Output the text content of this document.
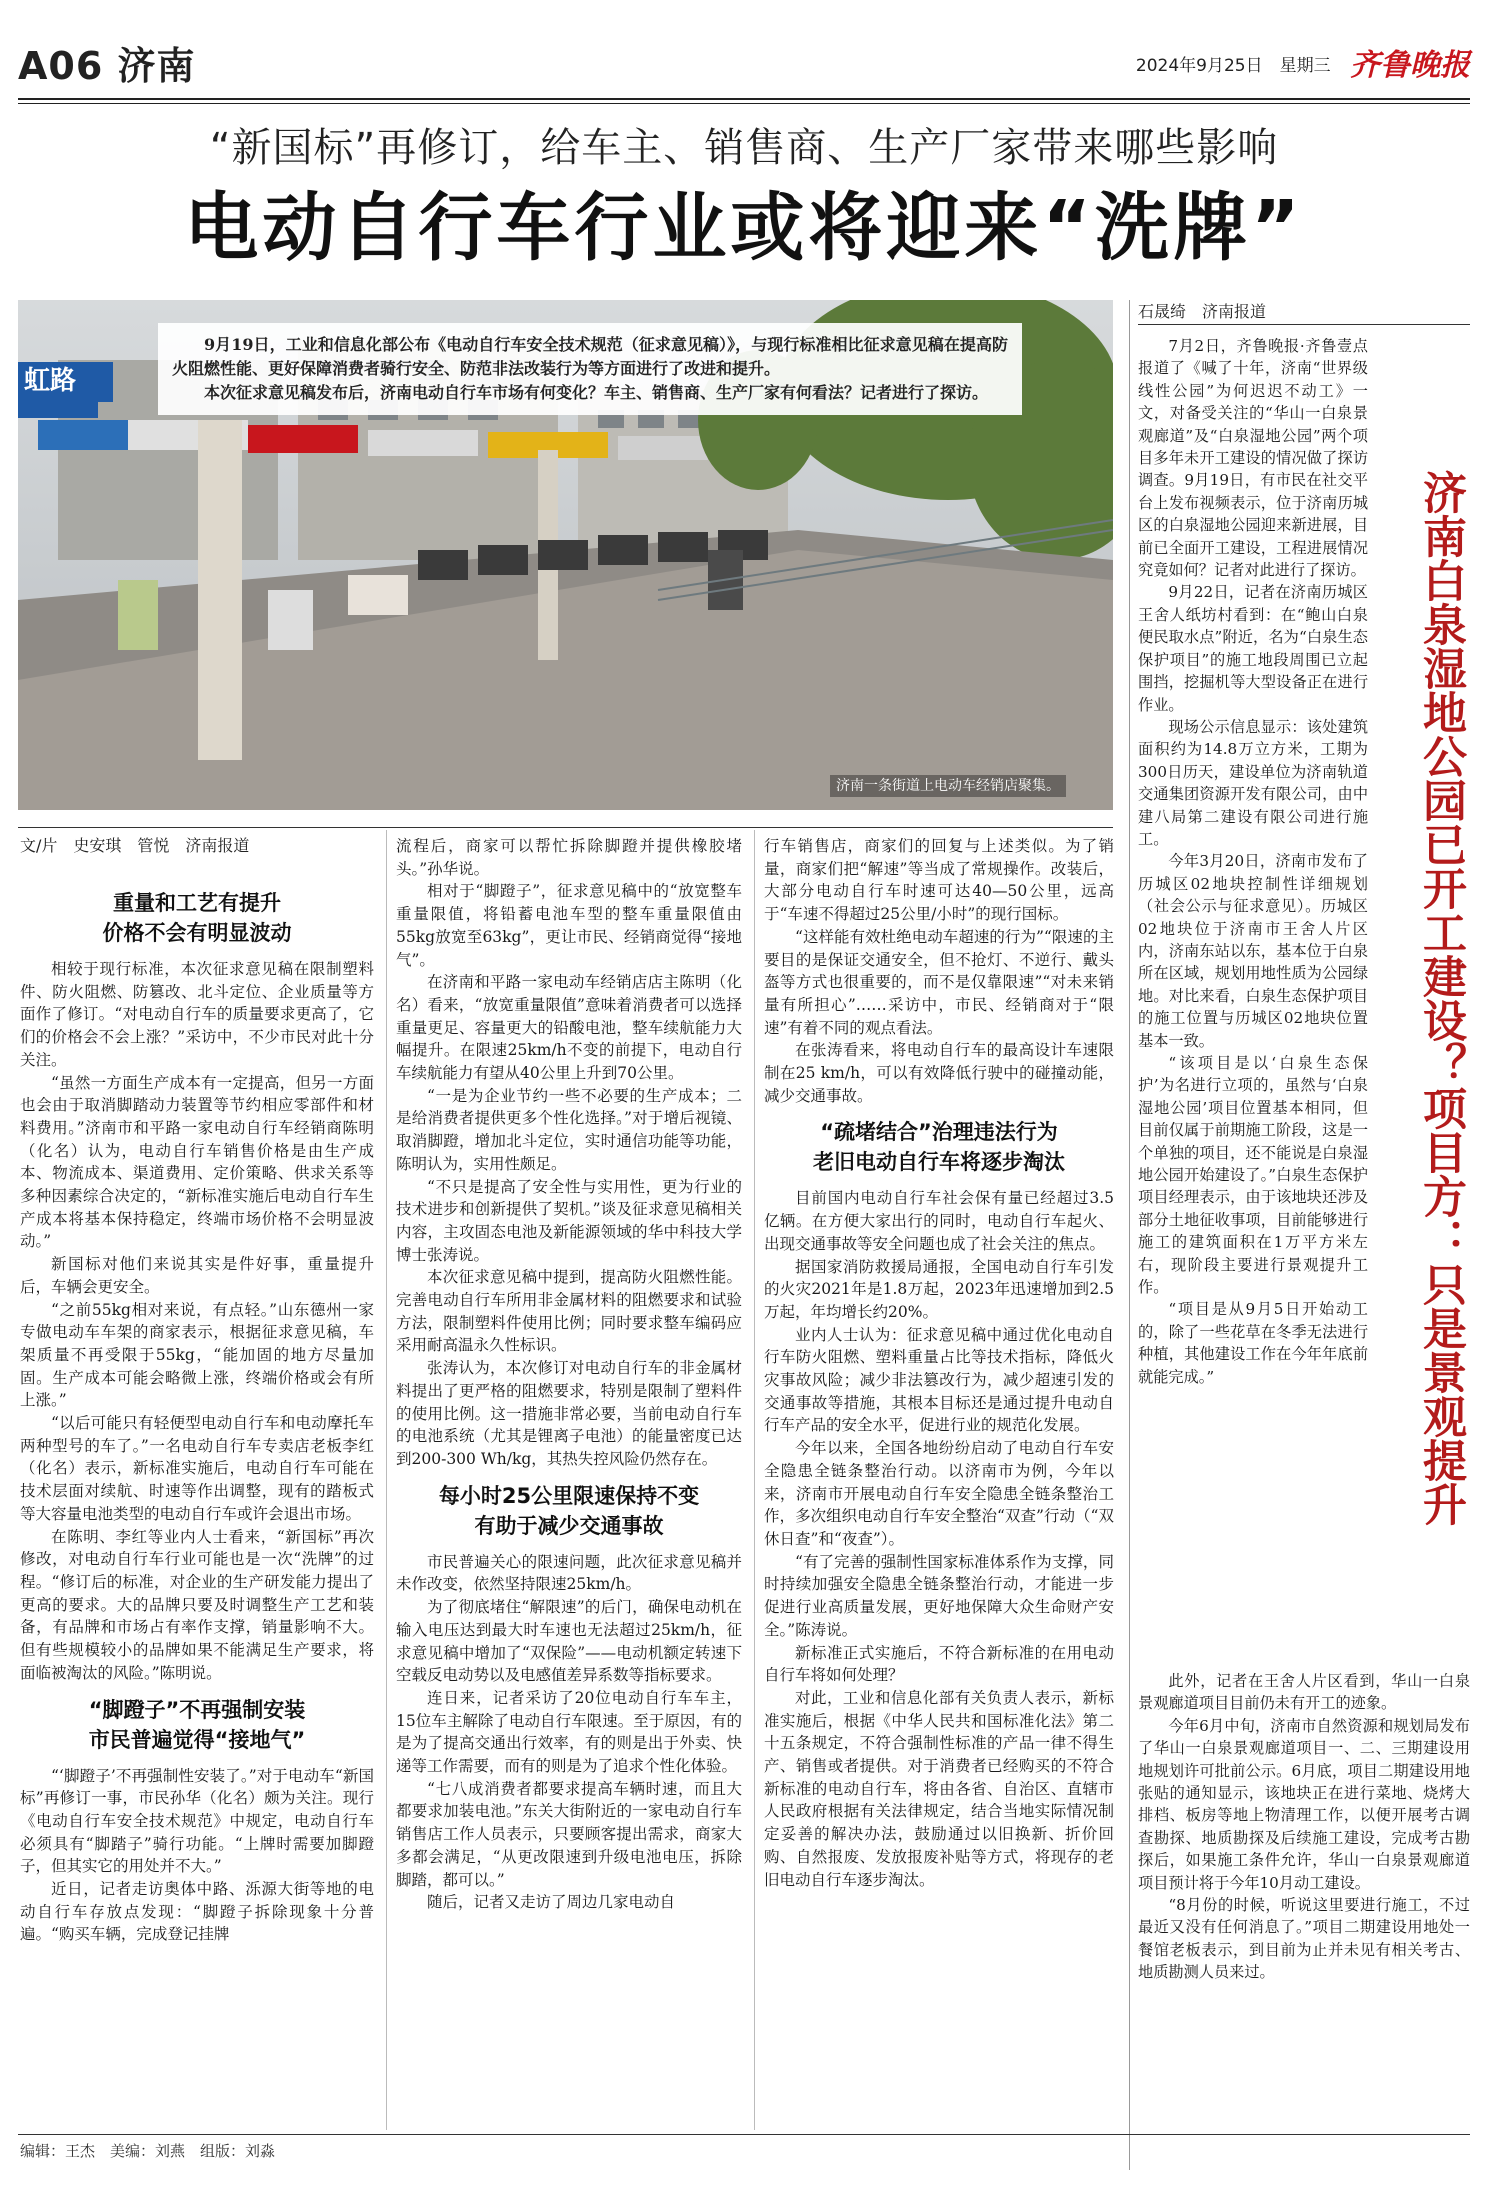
A06 济南	2024年9月25日　 星期三 齐鲁晚报
“新国标”再修订，给车主、销售商、生产厂家带来哪些影响
电动自行车行业或将迎来“洗牌”
虹路

9月19日，工业和信息化部公布《电动自行车安全技术规范（征求意见稿）》，与现行标准相比征求意见稿在提高防火阻燃性能、更好保障消费者骑行安全、防范非法改装行为等方面进行了改进和提升。

本次征求意见稿发布后，济南电动自行车市场有何变化？车主、销售商、生产厂家有何看法？记者进行了探访。

济南一条街道上电动车经销店聚集。
文/片　史安琪　管悦　济南报道
重量和工艺有提升
价格不会有明显波动

相较于现行标准，本次征求意见稿在限制塑料件、防火阻燃、防篡改、北斗定位、企业质量等方面作了修订。“对电动自行车的质量要求更高了，它们的价格会不会上涨？”采访中，不少市民对此十分关注。

“虽然一方面生产成本有一定提高，但另一方面也会由于取消脚踏动力装置等节约相应零部件和材料费用。”济南市和平路一家电动自行车经销商陈明（化名）认为，电动自行车销售价格是由生产成本、物流成本、渠道费用、定价策略、供求关系等多种因素综合决定的，“新标准实施后电动自行车生产成本将基本保持稳定，终端市场价格不会明显波动。”

新国标对他们来说其实是件好事，重量提升后，车辆会更安全。

“之前55kg相对来说，有点轻。”山东德州一家专做电动车车架的商家表示，根据征求意见稿，车架质量不再受限于55kg，“能加固的地方尽量加固。生产成本可能会略微上涨，终端价格或会有所上涨。”

“以后可能只有轻便型电动自行车和电动摩托车两种型号的车了。”一名电动自行车专卖店老板李红（化名）表示，新标准实施后，电动自行车可能在技术层面对续航、时速等作出调整，现有的踏板式等大容量电池类型的电动自行车或许会退出市场。

在陈明、李红等业内人士看来，“新国标”再次修改，对电动自行车行业可能也是一次“洗牌”的过程。“修订后的标准，对企业的生产研发能力提出了更高的要求。大的品牌只要及时调整生产工艺和装备，有品牌和市场占有率作支撑，销量影响不大。但有些规模较小的品牌如果不能满足生产要求，将面临被淘汰的风险。”陈明说。

“脚蹬子”不再强制安装
市民普遍觉得“接地气”

“‘脚蹬子’不再强制性安装了。”对于电动车“新国标”再修订一事，市民孙华（化名）颇为关注。现行《电动自行车安全技术规范》中规定，电动自行车必须具有“脚踏子”骑行功能。“上牌时需要加脚蹬子，但其实它的用处并不大。”

近日，记者走访奥体中路、泺源大街等地的电动自行车存放点发现：“脚蹬子拆除现象十分普遍。“购买车辆，完成登记挂牌

流程后，商家可以帮忙拆除脚蹬并提供橡胶堵头。”孙华说。

相对于“脚蹬子”，征求意见稿中的“放宽整车重量限值，将铅蓄电池车型的整车重量限值由55kg放宽至63kg”，更让市民、经销商觉得“接地气”。

在济南和平路一家电动车经销店店主陈明（化名）看来，“放宽重量限值”意味着消费者可以选择重量更足、容量更大的铅酸电池，整车续航能力大幅提升。在限速25km/h不变的前提下，电动自行车续航能力有望从40公里上升到70公里。

“一是为企业节约一些不必要的生产成本；二是给消费者提供更多个性化选择。”对于增后视镜、取消脚蹬，增加北斗定位，实时通信功能等功能，陈明认为，实用性颇足。

“不只是提高了安全性与实用性，更为行业的技术进步和创新提供了契机。”谈及征求意见稿相关内容，主攻固态电池及新能源领域的华中科技大学博士张涛说。

本次征求意见稿中提到，提高防火阻燃性能。完善电动自行车所用非金属材料的阻燃要求和试验方法，限制塑料件使用比例；同时要求整车编码应采用耐高温永久性标识。

张涛认为，本次修订对电动自行车的非金属材料提出了更严格的阻燃要求，特别是限制了塑料件的使用比例。这一措施非常必要，当前电动自行车的电池系统（尤其是锂离子电池）的能量密度已达到200-300 Wh/kg，其热失控风险仍然存在。

每小时25公里限速保持不变
有助于减少交通事故

市民普遍关心的限速问题，此次征求意见稿并未作改变，依然坚持限速25km/h。

为了彻底堵住“解限速”的后门，确保电动机在输入电压达到最大时车速也无法超过25km/h，征求意见稿中增加了“双保险”——电动机额定转速下空载反电动势以及电感值差异系数等指标要求。

连日来，记者采访了20位电动自行车车主，15位车主解除了电动自行车限速。至于原因，有的是为了提高交通出行效率，有的则是出于外卖、快递等工作需要，而有的则是为了追求个性化体验。

“七八成消费者都要求提高车辆时速，而且大都要求加装电池。”东关大街附近的一家电动自行车销售店工作人员表示，只要顾客提出需求，商家大多都会满足，“从更改限速到升级电池电压，拆除脚踏，都可以。”

随后，记者又走访了周边几家电动自

行车销售店，商家们的回复与上述类似。为了销量，商家们把“解速”等当成了常规操作。改装后，大部分电动自行车时速可达40—50公里，远高于“车速不得超过25公里/小时”的现行国标。

“这样能有效杜绝电动车超速的行为”“限速的主要目的是保证交通安全，但不抢灯、不逆行、戴头盔等方式也很重要的，而不是仅靠限速”“对未来销量有所担心”……采访中，市民、经销商对于“限速”有着不同的观点看法。

在张涛看来，将电动自行车的最高设计车速限制在25 km/h，可以有效降低行驶中的碰撞动能，减少交通事故。

“疏堵结合”治理违法行为
老旧电动自行车将逐步淘汰

目前国内电动自行车社会保有量已经超过3.5亿辆。在方便大家出行的同时，电动自行车起火、出现交通事故等安全问题也成了社会关注的焦点。

据国家消防救援局通报，全国电动自行车引发的火灾2021年是1.8万起，2023年迅速增加到2.5万起，年均增长约20%。

业内人士认为：征求意见稿中通过优化电动自行车防火阻燃、塑料重量占比等技术指标，降低火灾事故风险；减少非法篡改行为，减少超速引发的交通事故等措施，其根本目标还是通过提升电动自行车产品的安全水平，促进行业的规范化发展。

今年以来，全国各地纷纷启动了电动自行车安全隐患全链条整治行动。以济南市为例，今年以来，济南市开展电动自行车安全隐患全链条整治工作，多次组织电动自行车安全整治“双查”行动（“双休日查”和“夜查”）。

“有了完善的强制性国家标准体系作为支撑，同时持续加强安全隐患全链条整治行动，才能进一步促进行业高质量发展，更好地保障大众生命财产安全。”陈涛说。

新标准正式实施后，不符合新标准的在用电动自行车将如何处理？

对此，工业和信息化部有关负责人表示，新标准实施后，根据《中华人民共和国标准化法》第二十五条规定，不符合强制性标准的产品一律不得生产、销售或者提供。对于消费者已经购买的不符合新标准的电动自行车，将由各省、自治区、直辖市人民政府根据有关法律规定，结合当地实际情况制定妥善的解决办法，鼓励通过以旧换新、折价回购、自然报废、发放报废补贴等方式，将现存的老旧电动自行车逐步淘汰。

石晟绮　济南报道
济南白泉湿地公园已开工建设？项目方：只是景观提升

7月2日，齐鲁晚报·齐鲁壹点报道了《喊了十年，济南“世界级线性公园”为何迟迟不动工》一文，对备受关注的“华山一白泉景观廊道”及“白泉湿地公园”两个项目多年未开工建设的情况做了探访调查。9月19日，有市民在社交平台上发布视频表示，位于济南历城区的白泉湿地公园迎来新进展，目前已全面开工建设，工程进展情况究竟如何？记者对此进行了探访。

9月22日，记者在济南历城区王舍人纸坊村看到：在“鲍山白泉便民取水点”附近，名为“白泉生态保护项目”的施工地段周围已立起围挡，挖掘机等大型设备正在进行作业。

现场公示信息显示：该处建筑面积约为14.8万立方米，工期为300日历天，建设单位为济南轨道交通集团资源开发有限公司，由中建八局第二建设有限公司进行施工。

今年3月20日，济南市发布了历城区02地块控制性详细规划（社会公示与征求意见）。历城区02地块位于济南市王舍人片区内，济南东站以东，基本位于白泉所在区域，规划用地性质为公园绿地。对比来看，白泉生态保护项目的施工位置与历城区02地块位置基本一致。

“该项目是以‘白泉生态保护’为名进行立项的，虽然与‘白泉湿地公园’项目位置基本相同，但目前仅属于前期施工阶段，这是一个单独的项目，还不能说是白泉湿地公园开始建设了。”白泉生态保护项目经理表示，由于该地块还涉及部分土地征收事项，目前能够进行施工的建筑面积在1万平方米左右，现阶段主要进行景观提升工作。

“项目是从9月5日开始动工的，除了一些花草在冬季无法进行种植，其他建设工作在今年年底前就能完成。”

此外，记者在王舍人片区看到，华山一白泉景观廊道项目目前仍未有开工的迹象。

今年6月中旬，济南市自然资源和规划局发布了华山一白泉景观廊道项目一、二、三期建设用地规划许可批前公示。6月底，项目二期建设用地张贴的通知显示，该地块正在进行菜地、烧烤大排档、板房等地上物清理工作，以便开展考古调查勘探、地质勘探及后续施工建设，完成考古勘探后，如果施工条件允许，华山一白泉景观廊道项目预计将于今年10月动工建设。

“8月份的时候，听说这里要进行施工，不过最近又没有任何消息了。”项目二期建设用地处一餐馆老板表示，到目前为止并未见有相关考古、地质勘测人员来过。

编辑：王杰　美编：刘燕　组版：刘淼
